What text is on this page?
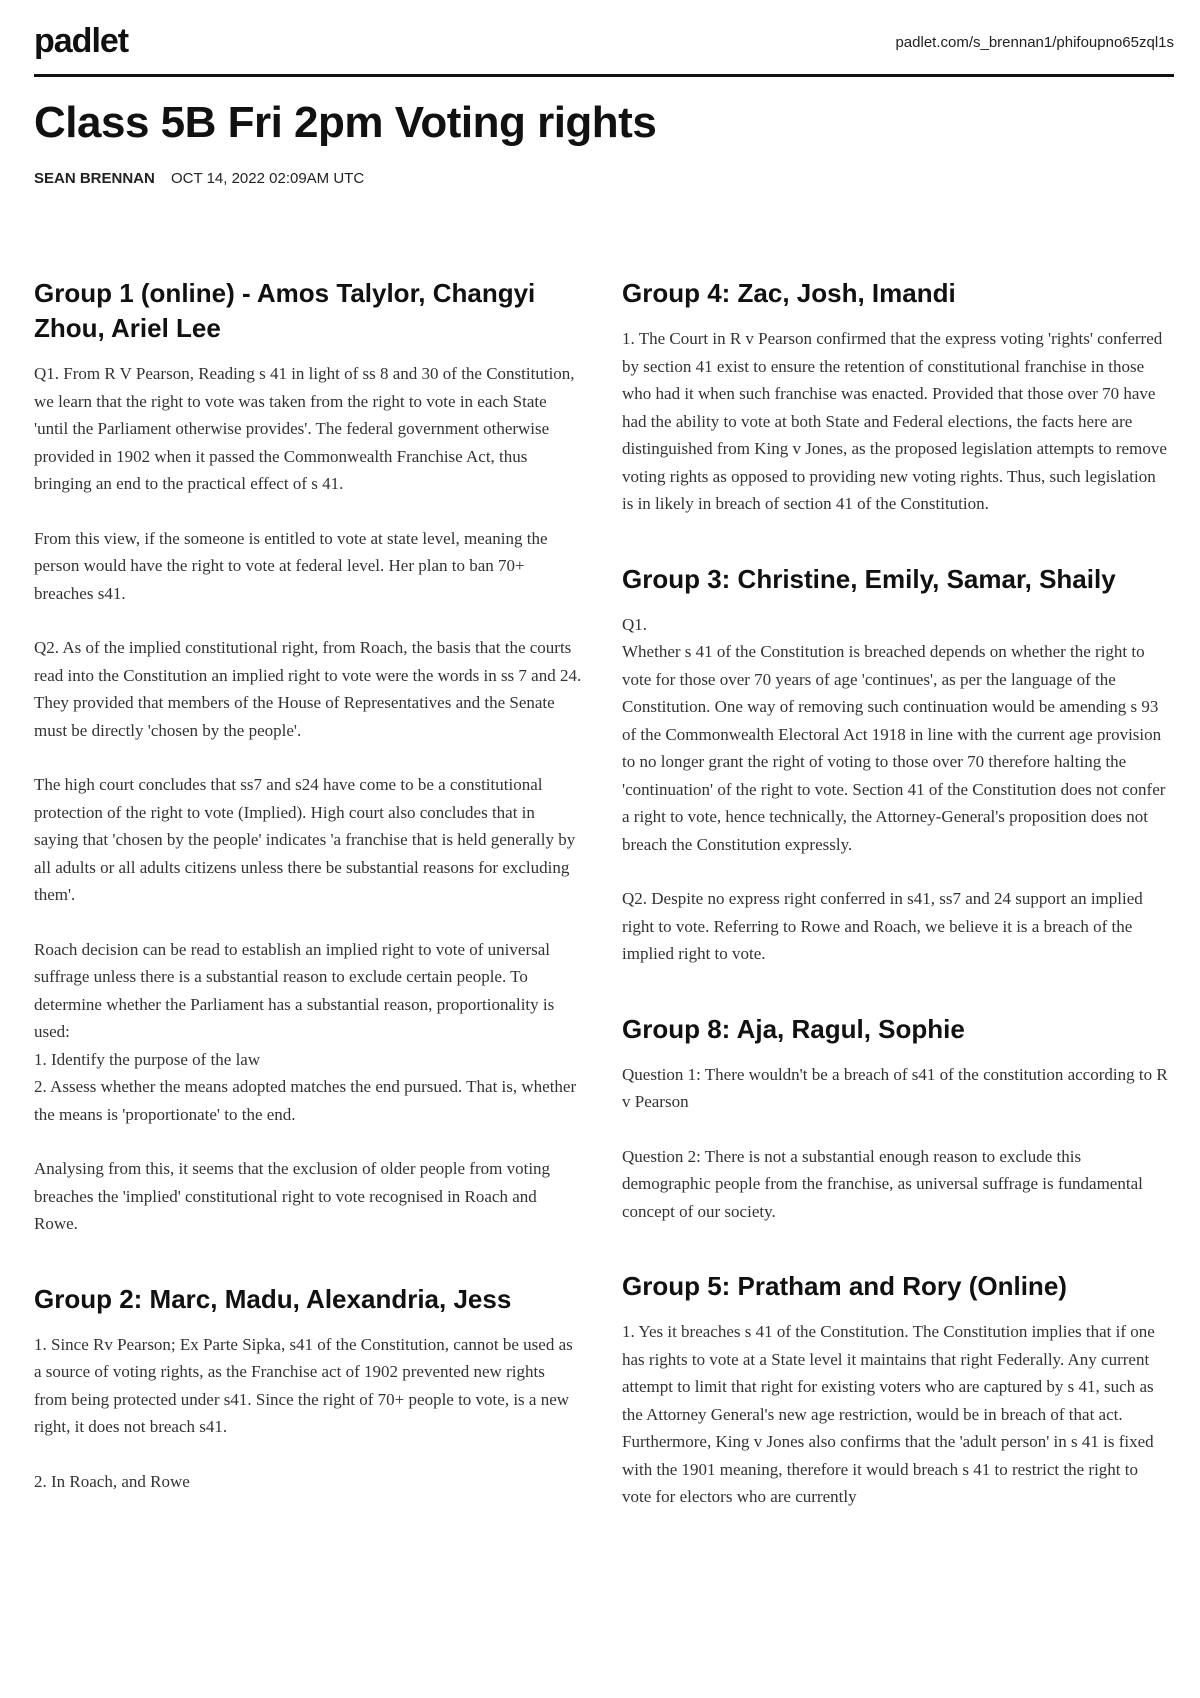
padlet	padlet.com/s_brennan1/phifoupno65zql1s
Class 5B Fri 2pm Voting rights
SEAN BRENNAN OCT 14, 2022 02:09AM UTC
Group 1 (online) - Amos Talylor, Changyi Zhou, Ariel Lee

Q1. From R V Pearson, Reading s 41 in light of ss 8 and 30 of the Constitution, we learn that the right to vote was taken from the right to vote in each State 'until the Parliament otherwise provides'. The federal government otherwise provided in 1902 when it passed the Commonwealth Franchise Act, thus bringing an end to the practical effect of s 41.

From this view, if the someone is entitled to vote at state level, meaning the person would have the right to vote at federal level. Her plan to ban 70+ breaches s41.

Q2. As of the implied constitutional right, from Roach, the basis that the courts read into the Constitution an implied right to vote were the words in ss 7 and 24. They provided that members of the House of Representatives and the Senate must be directly 'chosen by the people'.

The high court concludes that ss7 and s24 have come to be a constitutional protection of the right to vote (Implied). High court also concludes that in saying that 'chosen by the people' indicates 'a franchise that is held generally by all adults or all adults citizens unless there be substantial reasons for excluding them'.

Roach decision can be read to establish an implied right to vote of universal suffrage unless there is a substantial reason to exclude certain people. To determine whether the Parliament has a substantial reason, proportionality is used:

1. Identify the purpose of the law

2. Assess whether the means adopted matches the end pursued. That is, whether the means is 'proportionate' to the end.

Analysing from this, it seems that the exclusion of older people from voting breaches the 'implied' constitutional right to vote recognised in Roach and Rowe.

Group 2: Marc, Madu, Alexandria, Jess

1. Since Rv Pearson; Ex Parte Sipka, s41 of the Constitution, cannot be used as a source of voting rights, as the Franchise act of 1902 prevented new rights from being protected under s41. Since the right of 70+ people to vote, is a new right, it does not breach s41.

2. In Roach, and Rowe

Group 4: Zac, Josh, Imandi

1. The Court in R v Pearson confirmed that the express voting 'rights' conferred by section 41 exist to ensure the retention of constitutional franchise in those who had it when such franchise was enacted. Provided that those over 70 have had the ability to vote at both State and Federal elections, the facts here are distinguished from King v Jones, as the proposed legislation attempts to remove voting rights as opposed to providing new voting rights. Thus, such legislation is in likely in breach of section 41 of the Constitution.

Group 3: Christine, Emily, Samar, Shaily

Q1.

Whether s 41 of the Constitution is breached depends on whether the right to vote for those over 70 years of age 'continues', as per the language of the Constitution. One way of removing such continuation would be amending s 93 of the Commonwealth Electoral Act 1918 in line with the current age provision to no longer grant the right of voting to those over 70 therefore halting the 'continuation' of the right to vote. Section 41 of the Constitution does not confer a right to vote, hence technically, the Attorney-General's proposition does not breach the Constitution expressly.

Q2. Despite no express right conferred in s41, ss7 and 24 support an implied right to vote. Referring to Rowe and Roach, we believe it is a breach of the implied right to vote.

Group 8: Aja, Ragul, Sophie

Question 1: There wouldn't be a breach of s41 of the constitution according to R v Pearson

Question 2: There is not a substantial enough reason to exclude this demographic people from the franchise, as universal suffrage is fundamental concept of our society.

Group 5: Pratham and Rory (Online)

1. Yes it breaches s 41 of the Constitution. The Constitution implies that if one has rights to vote at a State level it maintains that right Federally. Any current attempt to limit that right for existing voters who are captured by s 41, such as the Attorney General's new age restriction, would be in breach of that act. Furthermore, King v Jones also confirms that the 'adult person' in s 41 is fixed with the 1901 meaning, therefore it would breach s 41 to restrict the right to vote for electors who are currently
